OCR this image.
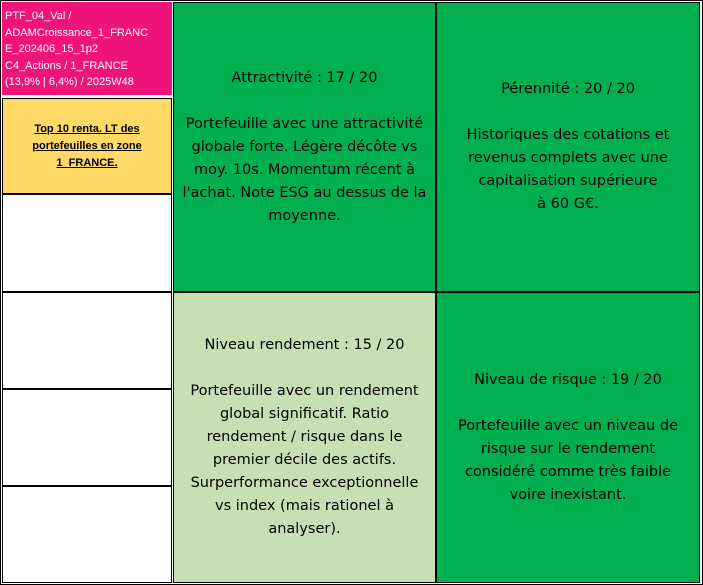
PTF_04_Val /
ADAMCroissance_1_FRANC
E_202406_15_1p2
C4_Actions / 1_FRANCE
(13,9% | 6,4%) / 2025W48
Top 10 renta. LT des
portefeuilles en zone
1_FRANCE.
Attractivité : 17 / 20
Portefeuille avec une attractivité
globale forte. Légère décôte vs
moy. 10s. Momentum récent à
l'achat. Note ESG au dessus de la
moyenne.
Pérennité : 20 / 20
Historiques des cotations et
revenus complets avec une
capitalisation supérieure
à 60 G€.
Niveau rendement : 15 / 20
Portefeuille avec un rendement
global significatif. Ratio
rendement / risque dans le
premier décile des actifs.
Surperformance exceptionnelle
vs index (mais rationel à
analyser).
Niveau de risque : 19 / 20
Portefeuille avec un niveau de
risque sur le rendement
considéré comme très faible
voire inexistant.
